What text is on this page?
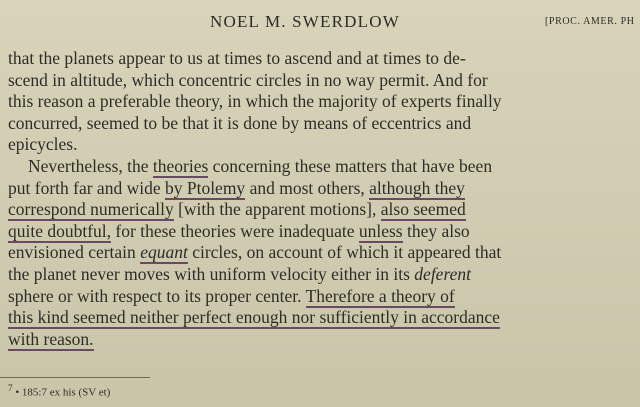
NOEL M. SWERDLOW	[PROC. AMER. PH
that the planets appear to us at times to ascend and at times to de-
scend in altitude, which concentric circles in no way permit. And for
this reason a preferable theory, in which the majority of experts finally
concurred, seemed to be that it is done by means of eccentrics and
epicycles.
Nevertheless, the theories concerning these matters that have been
put forth far and wide by Ptolemy and most others, although they
correspond numerically [with the apparent motions], also seemed
quite doubtful, for these theories were inadequate unless they also
envisioned certain equant circles, on account of which it appeared that
the planet never moves with uniform velocity either in its deferent
sphere or with respect to its proper center. Therefore a theory of
this kind seemed neither perfect enough nor sufficiently in accordance
with reason.
$^7$ • 185:7 ex his (SV et)
